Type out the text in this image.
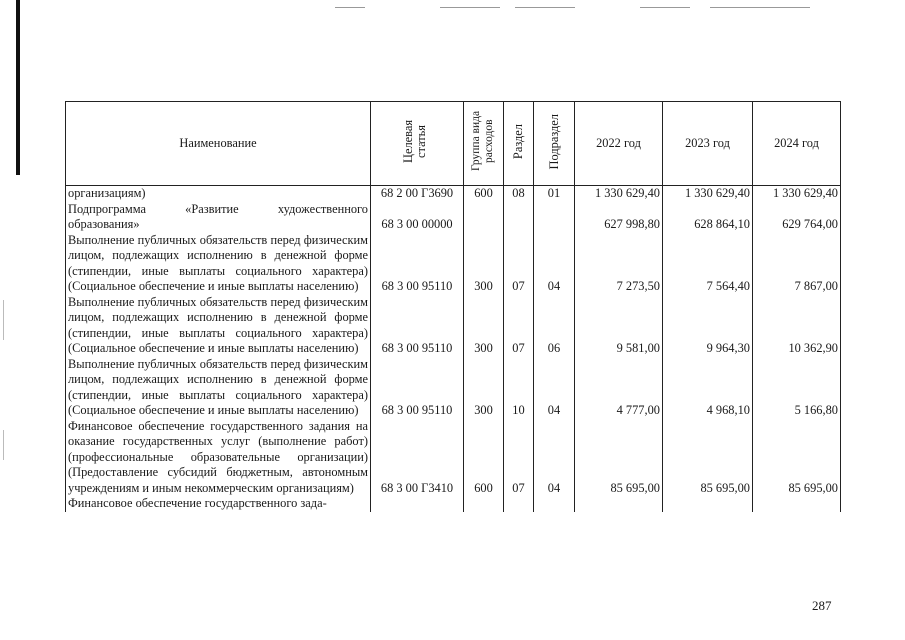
Наименование	Целевая статья	Группа вида расходов	Раздел	Подраздел	2022 год	2023 год	2024 год
организациям)	68 2 00 Г3690	600	08	01	1 330 629,40	1 330 629,40	1 330 629,40
Подпрограмма «Развитие художественного образования»	68 3 00 00000				627 998,80	628 864,10	629 764,00
Выполнение публичных обязательств перед физическим лицом, подлежащих исполнению в денежной форме (стипендии, иные выплаты социального характера) (Социальное обеспечение и иные выплаты населению)	68 3 00 95110	300	07	04	7 273,50	7 564,40	7 867,00
Выполнение публичных обязательств перед физическим лицом, подлежащих исполнению в денежной форме (стипендии, иные выплаты социального характера) (Социальное обеспечение и иные выплаты населению)	68 3 00 95110	300	07	06	9 581,00	9 964,30	10 362,90
Выполнение публичных обязательств перед физическим лицом, подлежащих исполнению в денежной форме (стипендии, иные выплаты социального характера) (Социальное обеспечение и иные выплаты населению)	68 3 00 95110	300	10	04	4 777,00	4 968,10	5 166,80
Финансовое обеспечение государственного задания на оказание государственных услуг (выполнение работ) (профессиональные образовательные организации) (Предоставление субсидий бюджетным, автономным учреждениям и иным некоммерческим организациям)	68 3 00 Г3410	600	07	04	85 695,00	85 695,00	85 695,00
Финансовое обеспечение государственного зада-							
287
